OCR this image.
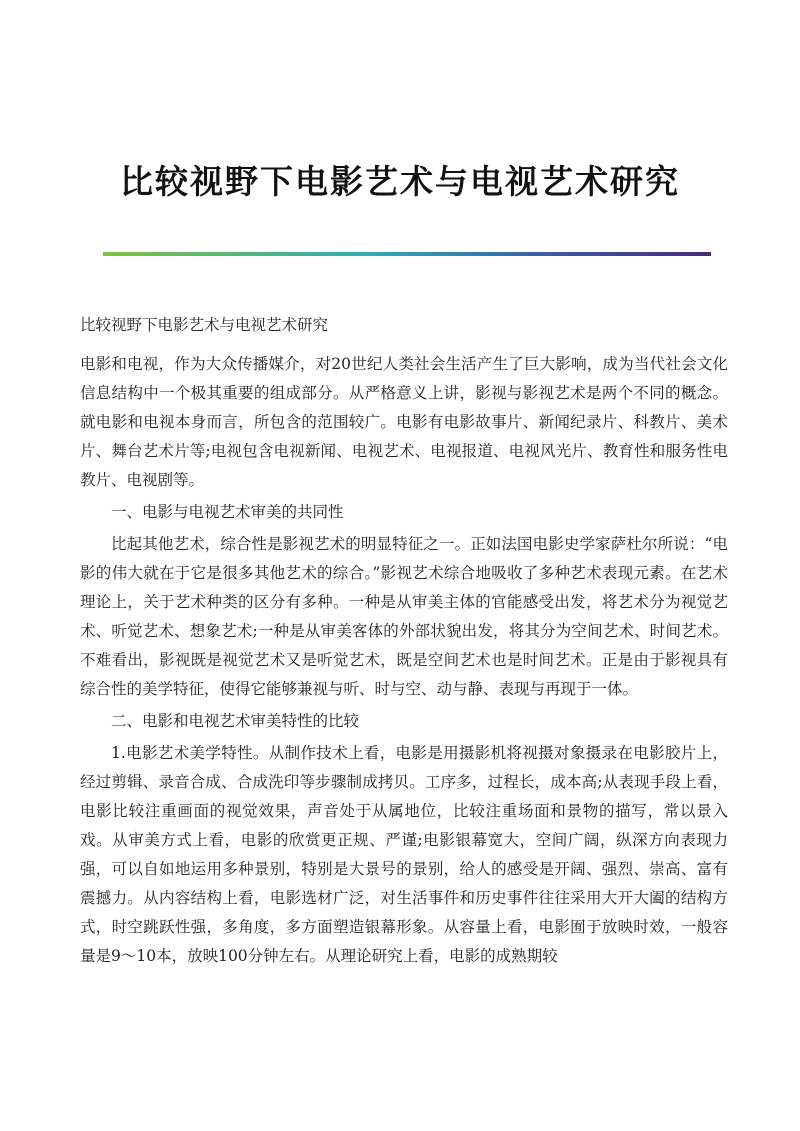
比较视野下电影艺术与电视艺术研究

比较视野下电影艺术与电视艺术研究

电影和电视，作为大众传播媒介，对20世纪人类社会生活产生了巨大影响，成为当代社会文化信息结构中一个极其重要的组成部分。从严格意义上讲，影视与影视艺术是两个不同的概念。就电影和电视本身而言，所包含的范围较广。电影有电影故事片、新闻纪录片、科教片、美术片、舞台艺术片等;电视包含电视新闻、电视艺术、电视报道、电视风光片、教育性和服务性电教片、电视剧等。

一、电影与电视艺术审美的共同性

比起其他艺术，综合性是影视艺术的明显特征之一。正如法国电影史学家萨杜尔所说：“电影的伟大就在于它是很多其他艺术的综合。”影视艺术综合地吸收了多种艺术表现元素。在艺术理论上，关于艺术种类的区分有多种。一种是从审美主体的官能感受出发，将艺术分为视觉艺术、听觉艺术、想象艺术;一种是从审美客体的外部状貌出发，将其分为空间艺术、时间艺术。不难看出，影视既是视觉艺术又是听觉艺术，既是空间艺术也是时间艺术。正是由于影视具有综合性的美学特征，使得它能够兼视与听、时与空、动与静、表现与再现于一体。

二、电影和电视艺术审美特性的比较

1.电影艺术美学特性。从制作技术上看，电影是用摄影机将视摄对象摄录在电影胶片上，经过剪辑、录音合成、合成洗印等步骤制成拷贝。工序多，过程长，成本高;从表现手段上看，电影比较注重画面的视觉效果，声音处于从属地位，比较注重场面和景物的描写，常以景入戏。从审美方式上看，电影的欣赏更正规、严谨;电影银幕宽大，空间广阔，纵深方向表现力强，可以自如地运用多种景别，特别是大景号的景别，给人的感受是开阔、强烈、崇高、富有震撼力。从内容结构上看，电影选材广泛，对生活事件和历史事件往往采用大开大阖的结构方式，时空跳跃性强，多角度，多方面塑造银幕形象。从容量上看，电影囿于放映时效，一般容量是9～10本，放映100分钟左右。从理论研究上看，电影的成熟期较
